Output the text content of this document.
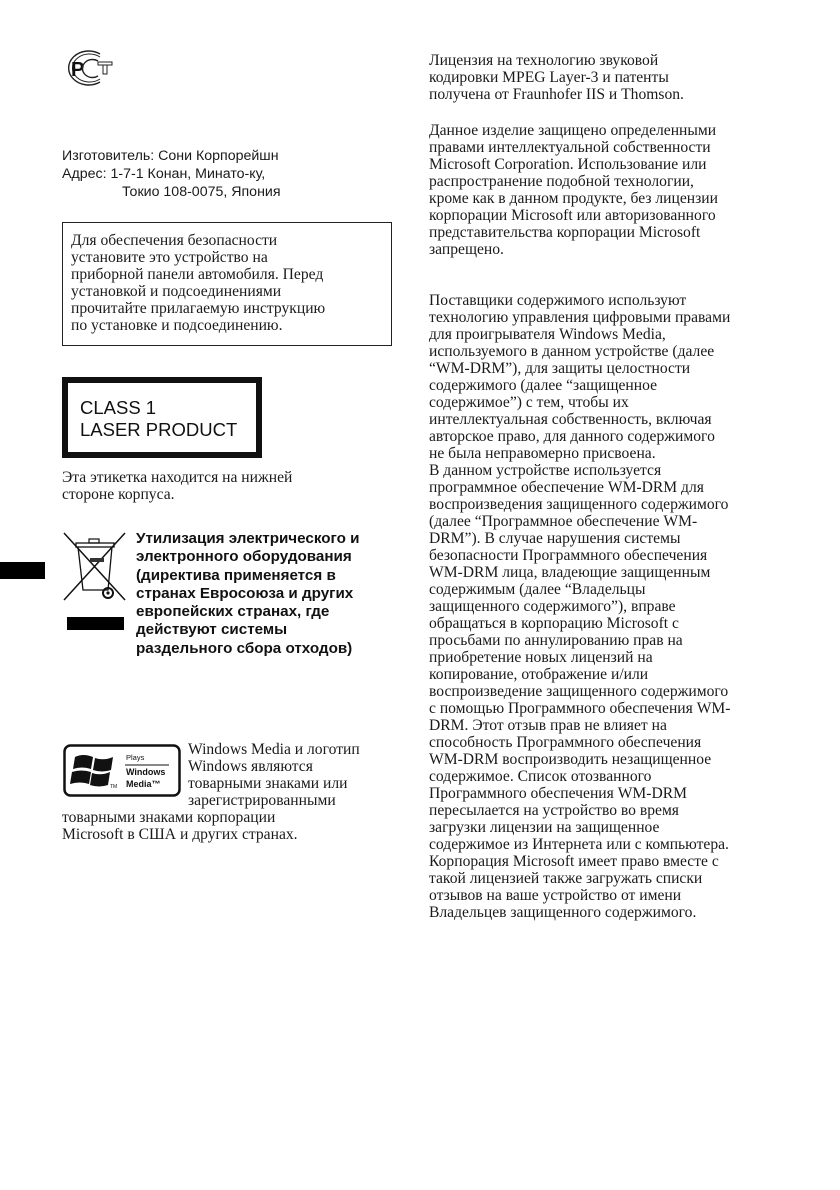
P
Изготовитель: Сони Корпорейшн
Адрес: 1-7-1 Конан, Минато-ку,
Токио 108-0075, Япония
Для обеспечения безопасности
установите это устройство на
приборной панели автомобиля. Перед
установкой и подсоединениями
прочитайте прилагаемую инструкцию
по установке и подсоединению.
CLASS 1
LASER PRODUCT
Эта этикетка находится на нижней
стороне корпуса.
Утилизация электрического и
электронного оборудования
(директива применяется в
странах Евросоюза и других
европейских странах, где
действуют системы
раздельного сбора отходов)
TM
Plays
Windows
Media™
Windows Media и логотип
Windows являются
товарными знаками или
зарегистрированными
товарными знаками корпорации
Microsoft в США и других странах.
Лицензия на технологию звуковой
кодировки MPEG Layer-3 и патенты
получена от Fraunhofer IIS и Thomson.
Данное изделие защищено определенными
правами интеллектуальной собственности
Microsoft Corporation. Использование или
распространение подобной технологии,
кроме как в данном продукте, без лицензии
корпорации Microsoft или авторизованного
представительства корпорации Microsoft
запрещено.
Поставщики содержимого используют
технологию управления цифровыми правами
для проигрывателя Windows Media,
используемого в данном устройстве (далее
“WM-DRM”), для защиты целостности
содержимого (далее “защищенное
содержимое”) с тем, чтобы их
интеллектуальная собственность, включая
авторское право, для данного содержимого
не была неправомерно присвоена.
В данном устройстве используется
программное обеспечение WM-DRM для
воспроизведения защищенного содержимого
(далее “Программное обеспечение WM-
DRM”). В случае нарушения системы
безопасности Программного обеспечения
WM-DRM лица, владеющие защищенным
содержимым (далее “Владельцы
защищенного содержимого”), вправе
обращаться в корпорацию Microsoft с
просьбами по аннулированию прав на
приобретение новых лицензий на
копирование, отображение и/или
воспроизведение защищенного содержимого
с помощью Программного обеспечения WM-
DRM. Этот отзыв прав не влияет на
способность Программного обеспечения
WM-DRM воспроизводить незащищенное
содержимое. Список отозванного
Программного обеспечения WM-DRM
пересылается на устройство во время
загрузки лицензии на защищенное
содержимое из Интернета или с компьютера.
Корпорация Microsoft имеет право вместе с
такой лицензией также загружать списки
отзывов на ваше устройство от имени
Владельцев защищенного содержимого.
